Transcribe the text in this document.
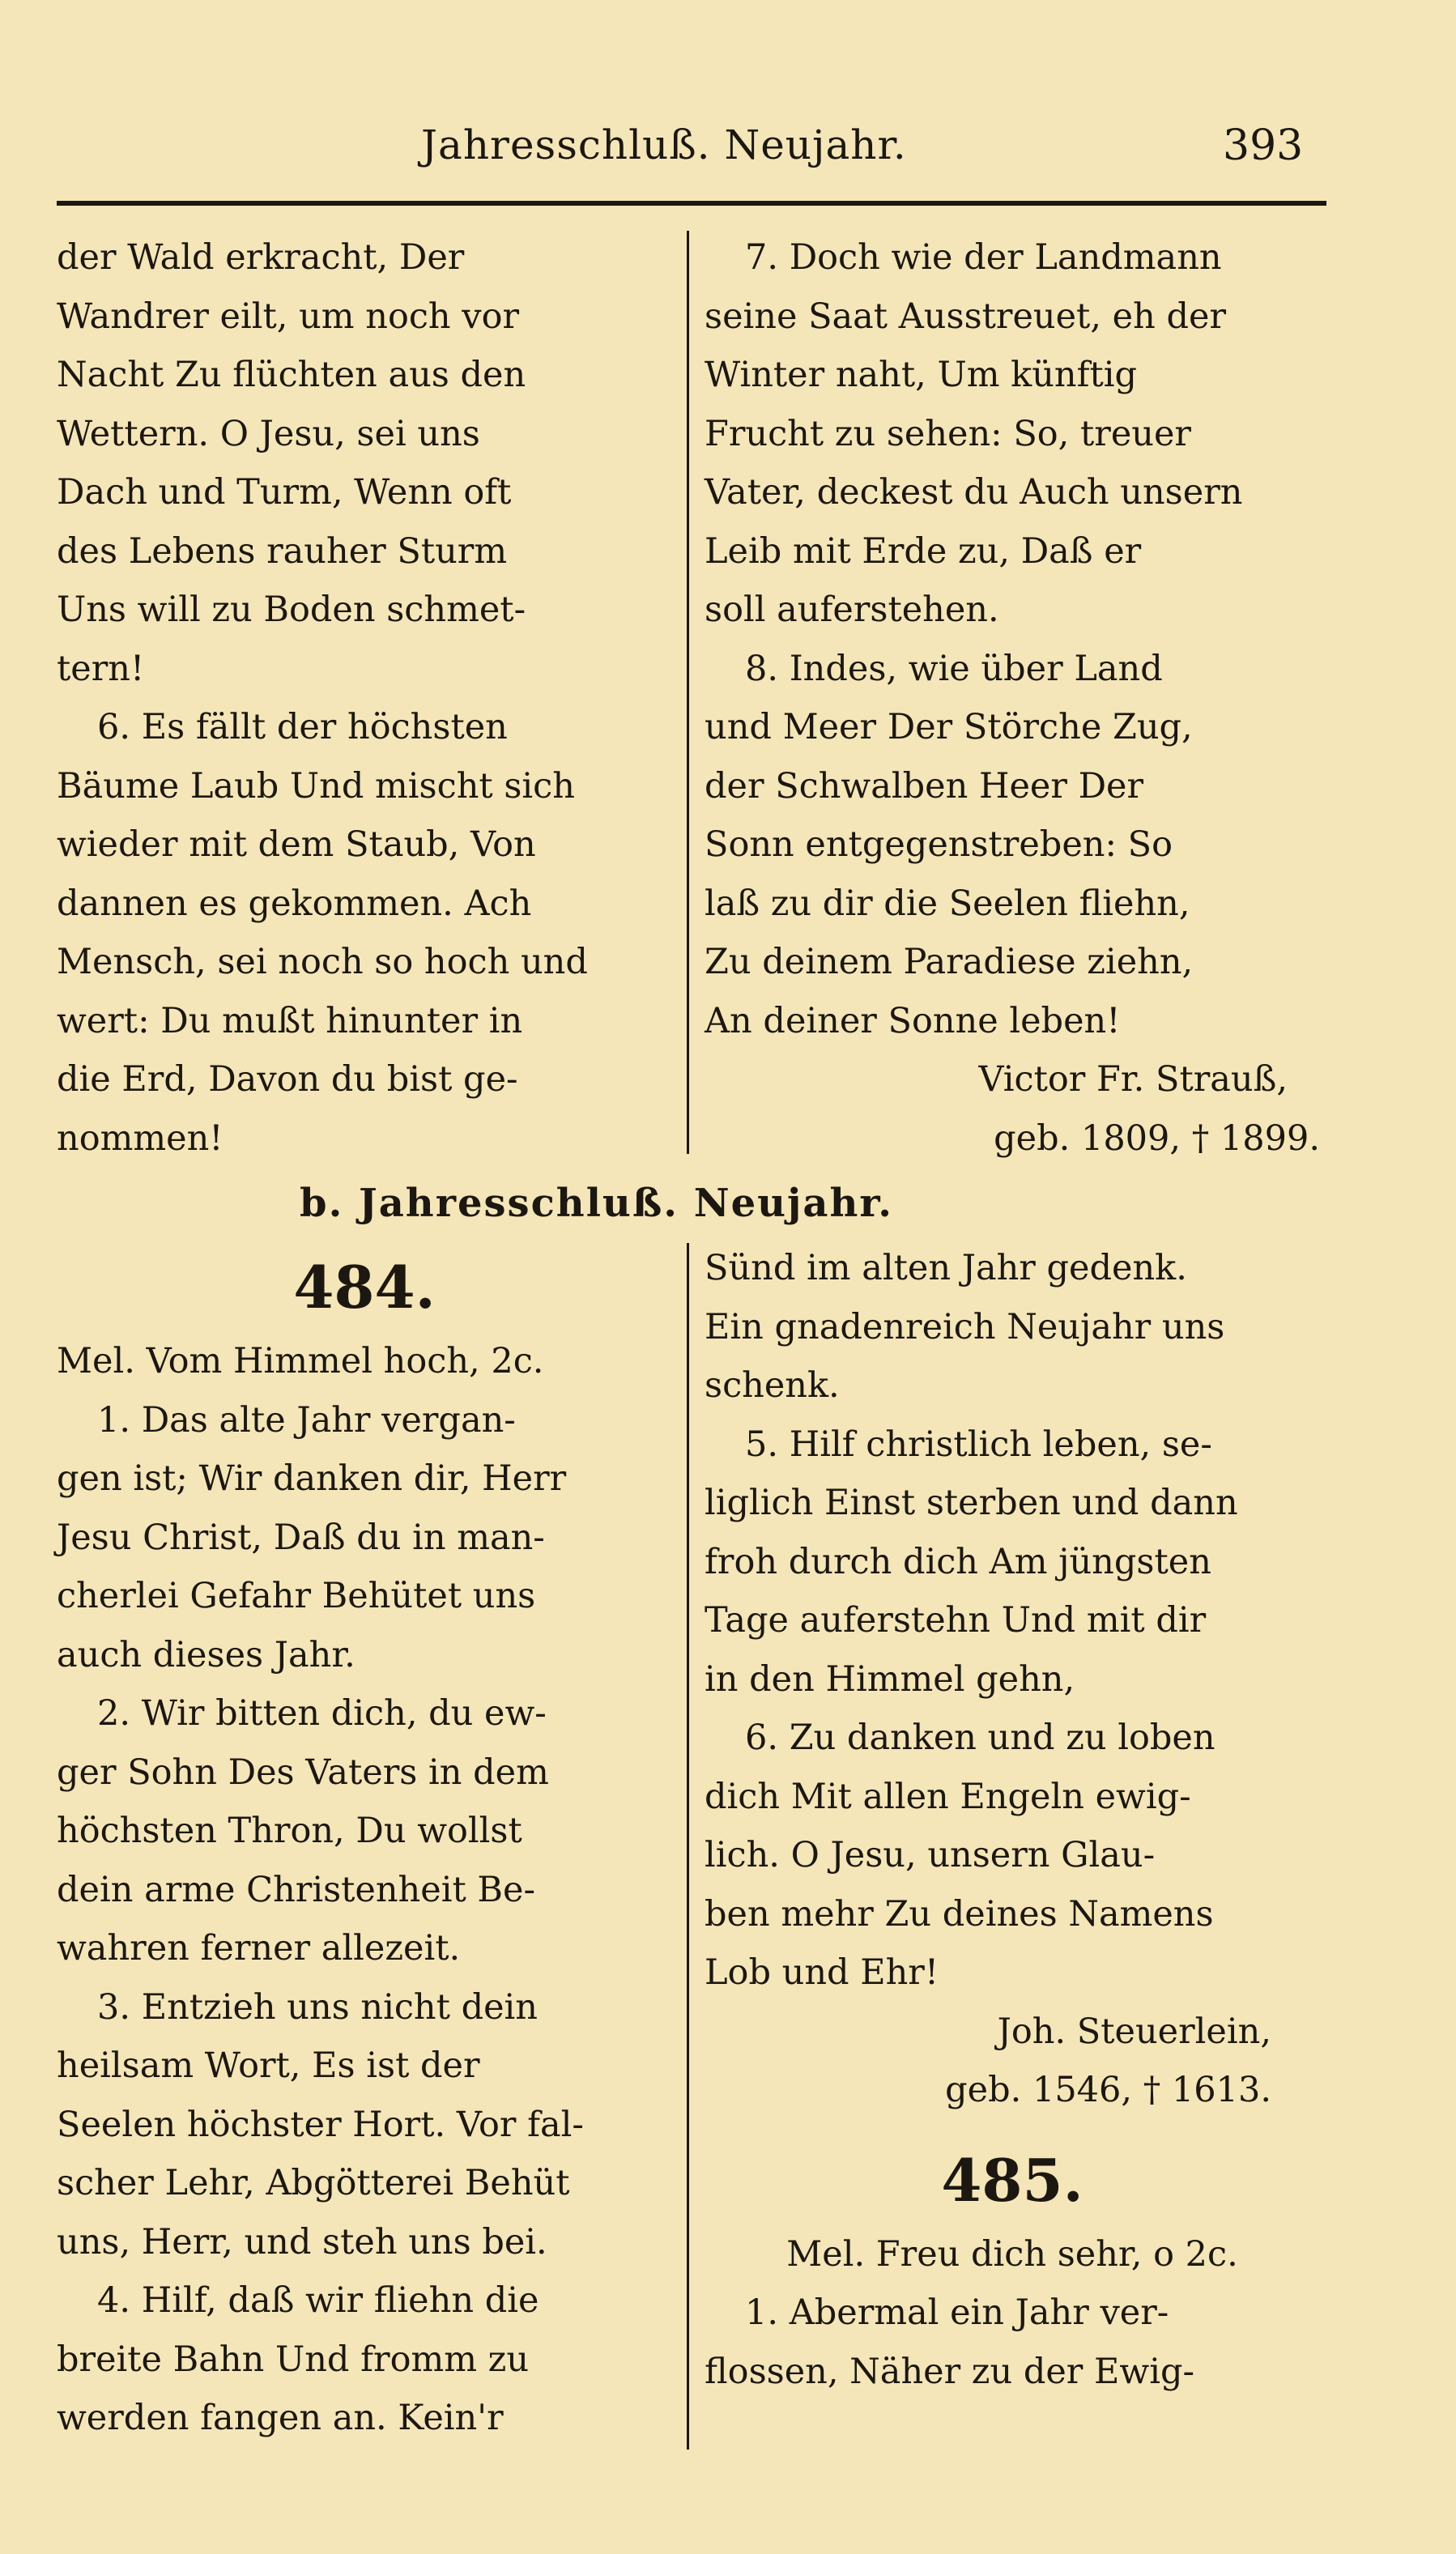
Jahresschluß. Neujahr.	393
der Wald erkracht, Der
Wandrer eilt, um noch vor
Nacht Zu flüchten aus den
Wettern. O Jesu, sei uns
Dach und Turm, Wenn oft
des Lebens rauher Sturm
Uns will zu Boden schmet-
tern!
6. Es fällt der höchsten
Bäume Laub Und mischt sich
wieder mit dem Staub, Von
dannen es gekommen. Ach
Mensch, sei noch so hoch und
wert: Du mußt hinunter in
die Erd, Davon du bist ge-
nommen!
7. Doch wie der Landmann
seine Saat Ausstreuet, eh der
Winter naht, Um künftig
Frucht zu sehen: So, treuer
Vater, deckest du Auch unsern
Leib mit Erde zu, Daß er
soll auferstehen.
8. Indes, wie über Land
und Meer Der Störche Zug,
der Schwalben Heer Der
Sonn entgegenstreben: So
laß zu dir die Seelen fliehn,
Zu deinem Paradiese ziehn,
An deiner Sonne leben!
Victor Fr. Strauß,
geb. 1809, † 1899.
b. Jahresschluß. Neujahr.
484.
Mel. Vom Himmel hoch, 2c.
1. Das alte Jahr vergan-
gen ist; Wir danken dir, Herr
Jesu Christ, Daß du in man-
cherlei Gefahr Behütet uns
auch dieses Jahr.
2. Wir bitten dich, du ew-
ger Sohn Des Vaters in dem
höchsten Thron, Du wollst
dein arme Christenheit Be-
wahren ferner allezeit.
3. Entzieh uns nicht dein
heilsam Wort, Es ist der
Seelen höchster Hort. Vor fal-
scher Lehr, Abgötterei Behüt
uns, Herr, und steh uns bei.
4. Hilf, daß wir fliehn die
breite Bahn Und fromm zu
werden fangen an. Kein'r
Sünd im alten Jahr gedenk.
Ein gnadenreich Neujahr uns
schenk.
5. Hilf christlich leben, se-
liglich Einst sterben und dann
froh durch dich Am jüngsten
Tage auferstehn Und mit dir
in den Himmel gehn,
6. Zu danken und zu loben
dich Mit allen Engeln ewig-
lich. O Jesu, unsern Glau-
ben mehr Zu deines Namens
Lob und Ehr!
Joh. Steuerlein,
geb. 1546, † 1613.
485.
Mel. Freu dich sehr, o 2c.
1. Abermal ein Jahr ver-
flossen, Näher zu der Ewig-
